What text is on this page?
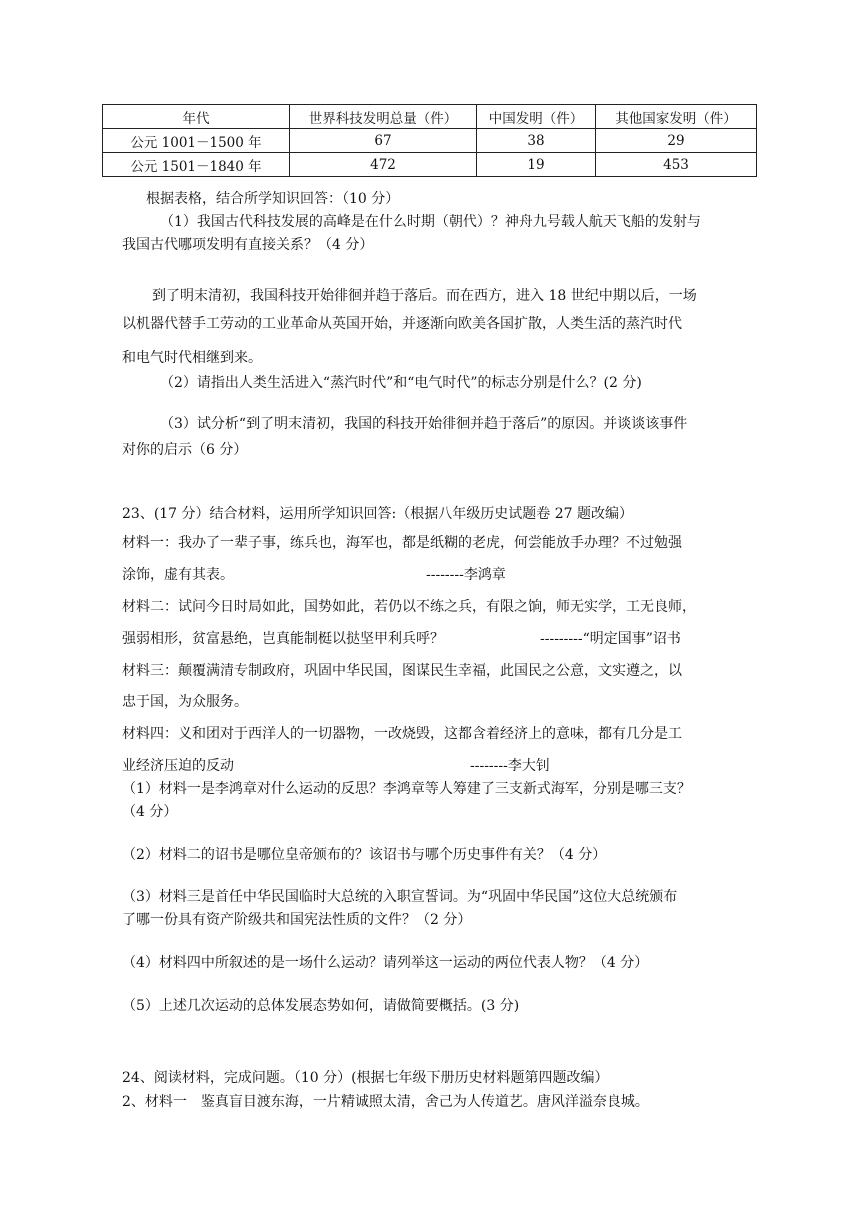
年代	世界科技发明总量（件）	中国发明（件）	其他国家发明（件）
公元 1001－1500 年	67	38	29
公元 1501－1840 年	472	19	453
根据表格，结合所学知识回答：（10 分）
（1）我国古代科技发展的高峰是在什么时期（朝代）？神舟九号载人航天飞船的发射与
我国古代哪项发明有直接关系？（4 分）
到了明末清初，我国科技开始徘徊并趋于落后。而在西方，进入 18 世纪中期以后，一场
以机器代替手工劳动的工业革命从英国开始，并逐渐向欧美各国扩散，人类生活的蒸汽时代
和电气时代相继到来。
（2）请指出人类生活进入“蒸汽时代”和“电气时代”的标志分别是什么？(2 分)
（3）试分析“到了明末清初，我国的科技开始徘徊并趋于落后”的原因。并谈谈该事件
对你的启示（6 分）
23、(17 分）结合材料，运用所学知识回答:（根据八年级历史试题卷 27 题改编）
材料一：我办了一辈子事，练兵也，海军也，都是纸糊的老虎，何尝能放手办理？不过勉强
涂饰，虚有其表。	--------李鸿章
材料二：试问今日时局如此，国势如此，若仍以不练之兵，有限之饷，师无实学，工无良师，
强弱相形，贫富悬绝，岂真能制梃以挞坚甲利兵呼？	---------“明定国事”诏书
材料三：颠覆满清专制政府，巩固中华民国，图谋民生幸福，此国民之公意，文实遵之，以
忠于国，为众服务。
材料四：义和团对于西洋人的一切器物，一改烧毁，这都含着经济上的意味，都有几分是工
业经济压迫的反动	--------李大钊
（1）材料一是李鸿章对什么运动的反思？李鸿章等人筹建了三支新式海军，分别是哪三支？
（4 分）
（2）材料二的诏书是哪位皇帝颁布的？该诏书与哪个历史事件有关？（4 分）
（3）材料三是首任中华民国临时大总统的入职宣誓词。为“巩固中华民国”这位大总统颁布
了哪一份具有资产阶级共和国宪法性质的文件？（2 分）
（4）材料四中所叙述的是一场什么运动？请列举这一运动的两位代表人物？（4 分）
（5）上述几次运动的总体发展态势如何，请做简要概括。(3 分)
24、阅读材料，完成问题。（10 分）(根据七年级下册历史材料题第四题改编）
2、材料一　鉴真盲目渡东海，一片精诚照太清，舍己为人传道艺。唐风洋溢奈良城。
